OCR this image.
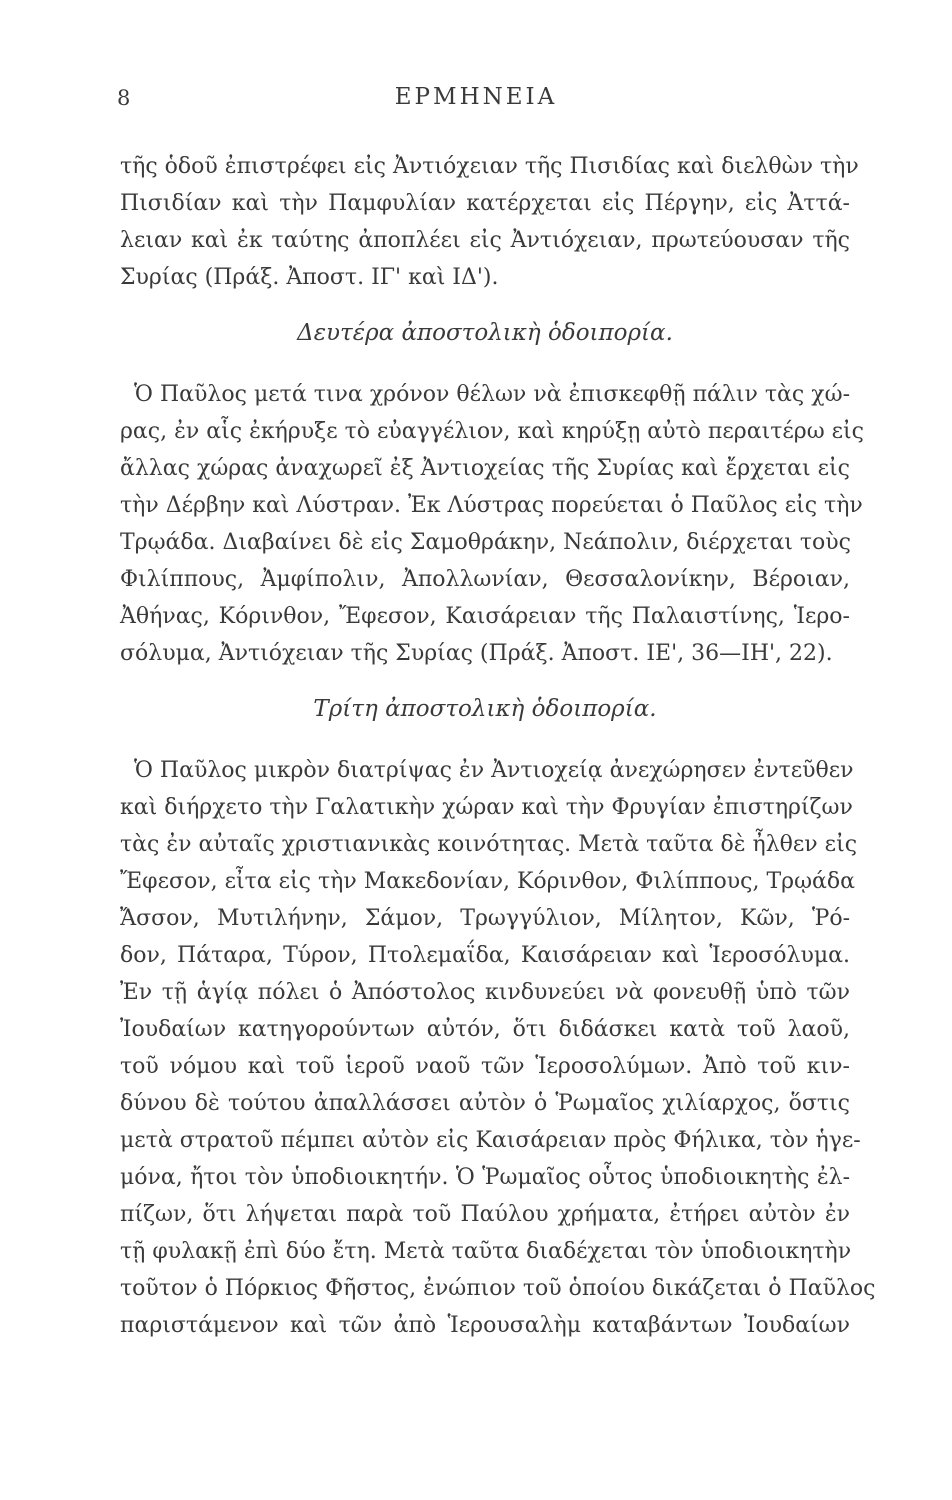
8	ΕΡΜΗΝΕΙΑ
τῆς ὁδοῦ ἐπιστρέφει εἰς Ἀντιόχειαν τῆς Πισιδίας καὶ διελθὼν τὴν
Πισιδίαν καὶ τὴν Παμφυλίαν κατέρχεται εἰς Πέργην, εἰς Ἀττά-
λειαν καὶ ἐκ ταύτης ἀποπλέει εἰς Ἀντιόχειαν, πρωτεύουσαν τῆς
Συρίας (Πράξ. Ἀποστ. ΙΓ' καὶ ΙΔ').
Δευτέρα ἀποστολικὴ ὁδοιπορία.
Ὁ Παῦλος μετά τινα χρόνον θέλων νὰ ἐπισκεφθῇ πάλιν τὰς χώ-
ρας, ἐν αἷς ἐκήρυξε τὸ εὐαγγέλιον, καὶ κηρύξῃ αὐτὸ περαιτέρω εἰς
ἄλλας χώρας ἀναχωρεῖ ἐξ Ἀντιοχείας τῆς Συρίας καὶ ἔρχεται εἰς
τὴν Δέρβην καὶ Λύστραν. Ἐκ Λύστρας πορεύεται ὁ Παῦλος εἰς τὴν
Τρῳάδα. Διαβαίνει δὲ εἰς Σαμοθράκην, Νεάπολιν, διέρχεται τοὺς
Φιλίππους, Ἀμφίπολιν, Ἀπολλωνίαν, Θεσσαλονίκην, Βέροιαν,
Ἀθήνας, Κόρινθον, Ἔφεσον, Καισάρειαν τῆς Παλαιστίνης, Ἱερο-
σόλυμα, Ἀντιόχειαν τῆς Συρίας (Πράξ. Ἀποστ. ΙΕ', 36—ΙΗ', 22).
Τρίτη ἀποστολικὴ ὁδοιπορία.
Ὁ Παῦλος μικρὸν διατρίψας ἐν Ἀντιοχείᾳ ἀνεχώρησεν ἐντεῦθεν
καὶ διήρχετο τὴν Γαλατικὴν χώραν καὶ τὴν Φρυγίαν ἐπιστηρίζων
τὰς ἐν αὐταῖς χριστιανικὰς κοινότητας. Μετὰ ταῦτα δὲ ἦλθεν εἰς
Ἔφεσον, εἶτα εἰς τὴν Μακεδονίαν, Κόρινθον, Φιλίππους, Τρῳάδα
Ἄσσον, Μυτιλήνην, Σάμον, Τρωγγύλιον, Μίλητον, Κῶν, Ῥό-
δον, Πάταρα, Τύρον, Πτολεμαΐδα, Καισάρειαν καὶ Ἱεροσόλυμα.
Ἐν τῇ ἁγίᾳ πόλει ὁ Ἀπόστολος κινδυνεύει νὰ φονευθῇ ὑπὸ τῶν
Ἰουδαίων κατηγορούντων αὐτόν, ὅτι διδάσκει κατὰ τοῦ λαοῦ,
τοῦ νόμου καὶ τοῦ ἱεροῦ ναοῦ τῶν Ἱεροσολύμων. Ἀπὸ τοῦ κιν-
δύνου δὲ τούτου ἀπαλλάσσει αὐτὸν ὁ Ῥωμαῖος χιλίαρχος, ὅστις
μετὰ στρατοῦ πέμπει αὐτὸν εἰς Καισάρειαν πρὸς Φήλικα, τὸν ἡγε-
μόνα, ἤτοι τὸν ὑποδιοικητήν. Ὁ Ῥωμαῖος οὗτος ὑποδιοικητὴς ἐλ-
πίζων, ὅτι λήψεται παρὰ τοῦ Παύλου χρήματα, ἐτήρει αὐτὸν ἐν
τῇ φυλακῇ ἐπὶ δύο ἔτη. Μετὰ ταῦτα διαδέχεται τὸν ὑποδιοικητὴν
τοῦτον ὁ Πόρκιος Φῆστος, ἐνώπιον τοῦ ὁποίου δικάζεται ὁ Παῦλος
παριστάμενον καὶ τῶν ἀπὸ Ἱερουσαλὴμ καταβάντων Ἰουδαίων
